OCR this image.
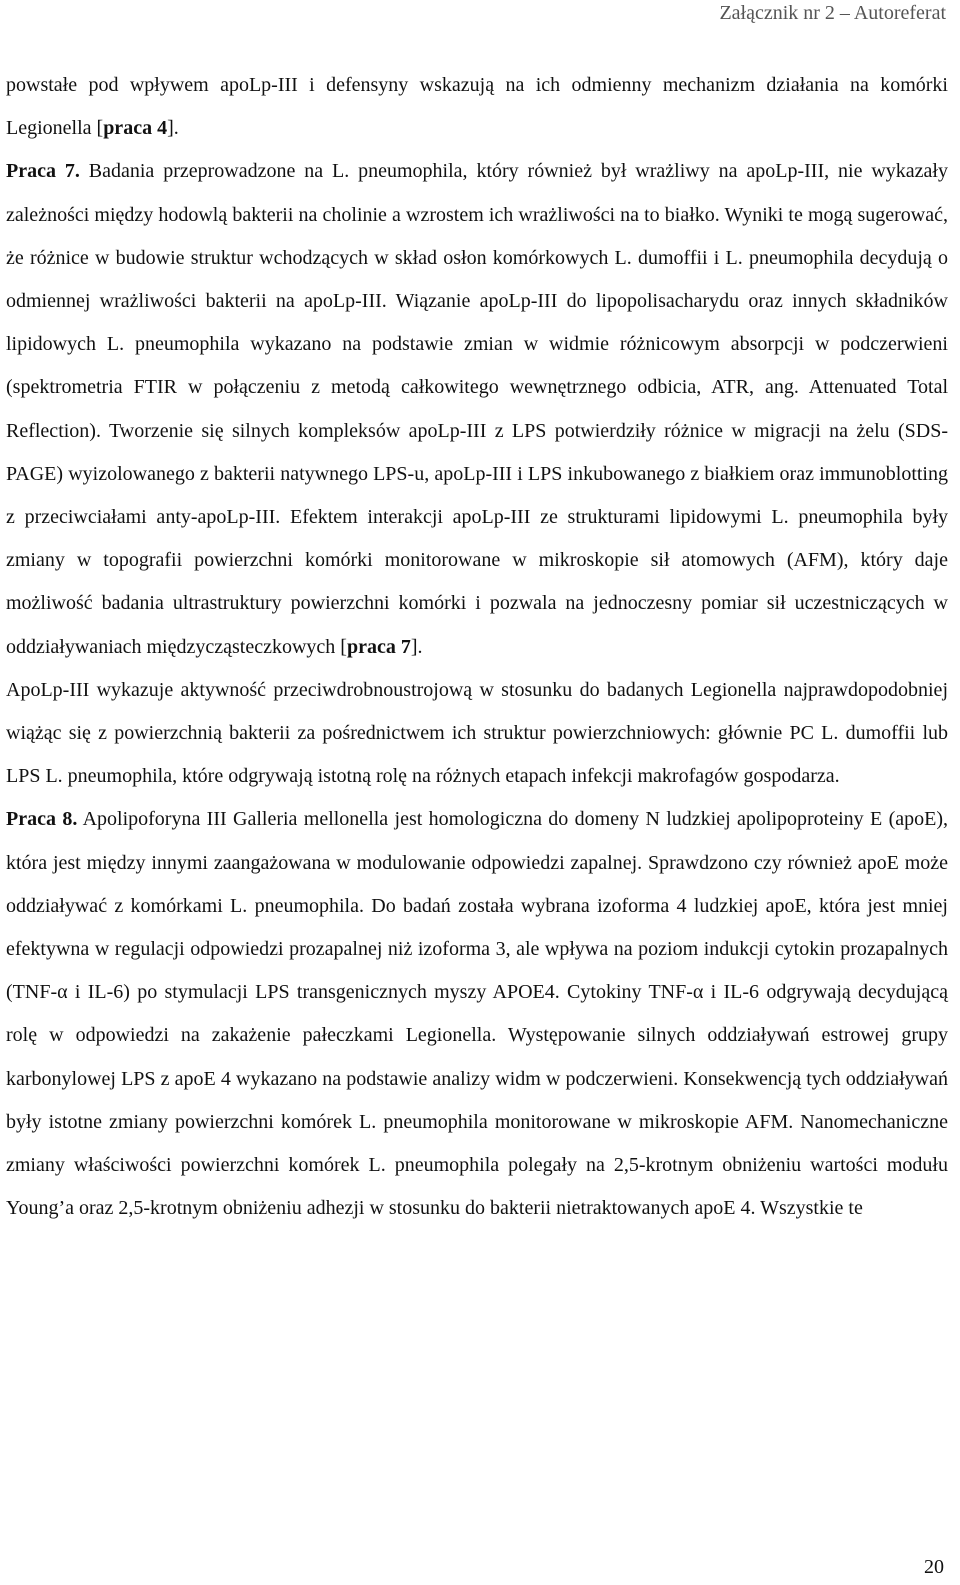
Załącznik nr 2 – Autoreferat

powstałe pod wpływem apoLp-III i defensyny wskazują na ich odmienny mechanizm działania na komórki Legionella [praca 4].

Praca 7. Badania przeprowadzone na L. pneumophila, który również był wrażliwy na apoLp-III, nie wykazały zależności między hodowlą bakterii na cholinie a wzrostem ich wrażliwości na to białko. Wyniki te mogą sugerować, że różnice w budowie struktur wchodzących w skład osłon komórkowych L. dumoffii i L. pneumophila decydują o odmiennej wrażliwości bakterii na apoLp-III. Wiązanie apoLp-III do lipopolisacharydu oraz innych składników lipidowych L. pneumophila wykazano na podstawie zmian w widmie różnicowym absorpcji w podczerwieni (spektrometria FTIR w połączeniu z metodą całkowitego wewnętrznego odbicia, ATR, ang. Attenuated Total Reflection). Tworzenie się silnych kompleksów apoLp-III z LPS potwierdziły różnice w migracji na żelu (SDS-PAGE) wyizolowanego z bakterii natywnego LPS-u, apoLp-III i LPS inkubowanego z białkiem oraz immunoblotting z przeciwciałami anty-apoLp-III. Efektem interakcji apoLp-III ze strukturami lipidowymi L. pneumophila były zmiany w topografii powierzchni komórki monitorowane w mikroskopie sił atomowych (AFM), który daje możliwość badania ultrastruktury powierzchni komórki i pozwala na jednoczesny pomiar sił uczestniczących w oddziaływaniach międzycząsteczkowych [praca 7].

ApoLp-III wykazuje aktywność przeciwdrobnoustrojową w stosunku do badanych Legionella najprawdopodobniej wiążąc się z powierzchnią bakterii za pośrednictwem ich struktur powierzchniowych: głównie PC L. dumoffii lub LPS L. pneumophila, które odgrywają istotną rolę na różnych etapach infekcji makrofagów gospodarza.

Praca 8. Apolipoforyna III Galleria mellonella jest homologiczna do domeny N ludzkiej apolipoproteiny E (apoE), która jest między innymi zaangażowana w modulowanie odpowiedzi zapalnej. Sprawdzono czy również apoE może oddziaływać z komórkami L. pneumophila. Do badań została wybrana izoforma 4 ludzkiej apoE, która jest mniej efektywna w regulacji odpowiedzi prozapalnej niż izoforma 3, ale wpływa na poziom indukcji cytokin prozapalnych (TNF-α i IL-6) po stymulacji LPS transgenicznych myszy APOE4. Cytokiny TNF-α i IL-6 odgrywają decydującą rolę w odpowiedzi na zakażenie pałeczkami Legionella. Występowanie silnych oddziaływań estrowej grupy karbonylowej LPS z apoE 4 wykazano na podstawie analizy widm w podczerwieni. Konsekwencją tych oddziaływań były istotne zmiany powierzchni komórek L. pneumophila monitorowane w mikroskopie AFM. Nanomechaniczne zmiany właściwości powierzchni komórek L. pneumophila polegały na 2,5-krotnym obniżeniu wartości modułu Young’a oraz 2,5-krotnym obniżeniu adhezji w stosunku do bakterii nietraktowanych apoE 4. Wszystkie te

20
